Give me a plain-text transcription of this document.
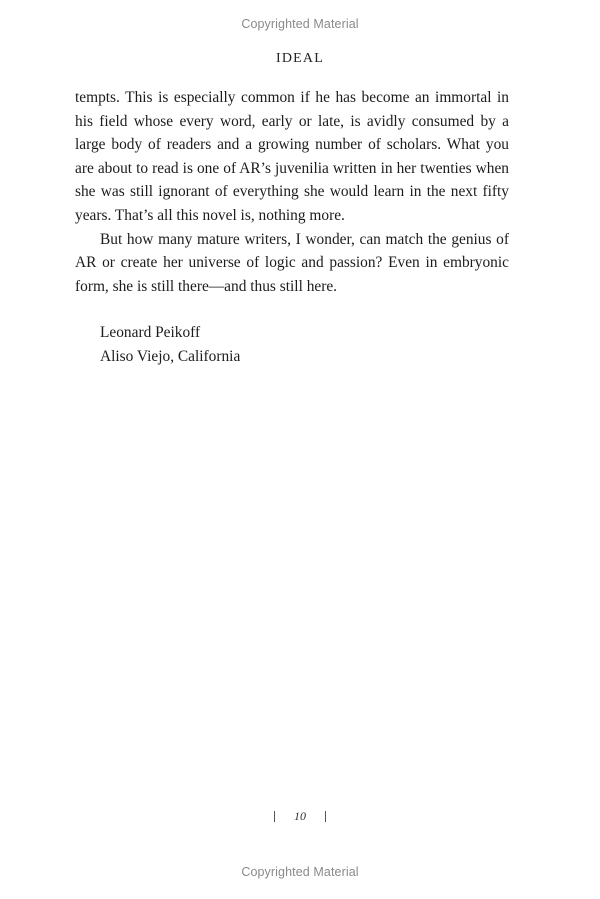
Copyrighted Material
IDEAL

tempts. This is especially common if he has become an immortal in his field whose every word, early or late, is avidly consumed by a large body of readers and a growing number of scholars. What you are about to read is one of AR’s juvenilia written in her twenties when she was still ignorant of everything she would learn in the next fifty years. That’s all this novel is, nothing more.

But how many mature writers, I wonder, can match the genius of AR or create her universe of logic and passion? Even in embryonic form, she is still there—and thus still here.

Leonard Peikoff
Aliso Viejo, California
10
Copyrighted Material
